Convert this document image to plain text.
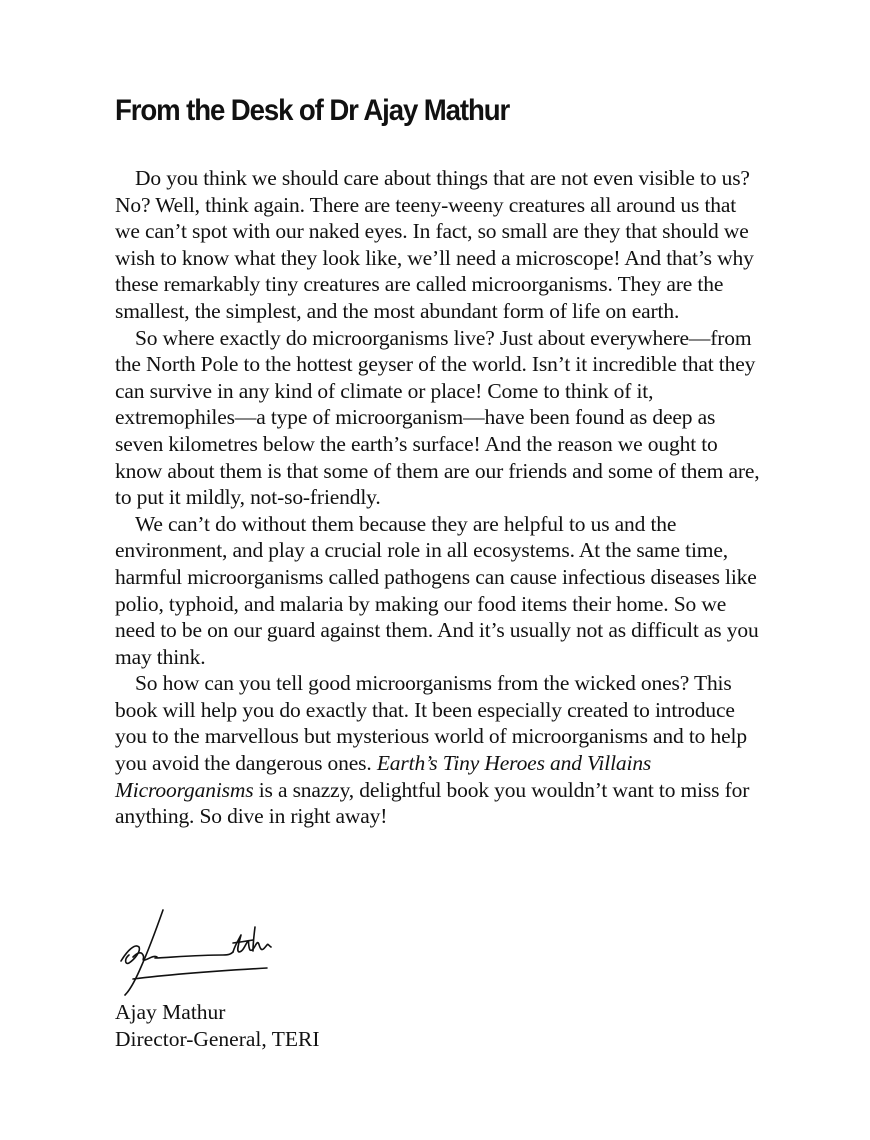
From the Desk of Dr Ajay Mathur

Do you think we should care about things that are not even visible to us? No? Well, think again. There are teeny-weeny creatures all around us that we can’t spot with our naked eyes. In fact, so small are they that should we wish to know what they look like, we’ll need a microscope! And that’s why these remarkably tiny creatures are called microorganisms. They are the smallest, the simplest, and the most abundant form of life on earth.

So where exactly do microorganisms live? Just about everywhere—from the North Pole to the hottest geyser of the world. Isn’t it incredible that they can survive in any kind of climate or place! Come to think of it, extremophiles—a type of microorganism—have been found as deep as seven kilometres below the earth’s surface! And the reason we ought to know about them is that some of them are our friends and some of them are, to put it mildly, not-so-friendly.

We can’t do without them because they are helpful to us and the environment, and play a crucial role in all ecosystems. At the same time, harmful microorganisms called pathogens can cause infectious diseases like polio, typhoid, and malaria by making our food items their home. So we need to be on our guard against them. And it’s usually not as difficult as you may think.

So how can you tell good microorganisms from the wicked ones? This book will help you do exactly that. It been especially created to introduce you to the marvellous but mysterious world of microorganisms and to help you avoid the dangerous ones. Earth’s Tiny Heroes and Villains Microorganisms is a snazzy, delightful book you wouldn’t want to miss for anything. So dive in right away!

Ajay Mathur
Director-General, TERI
